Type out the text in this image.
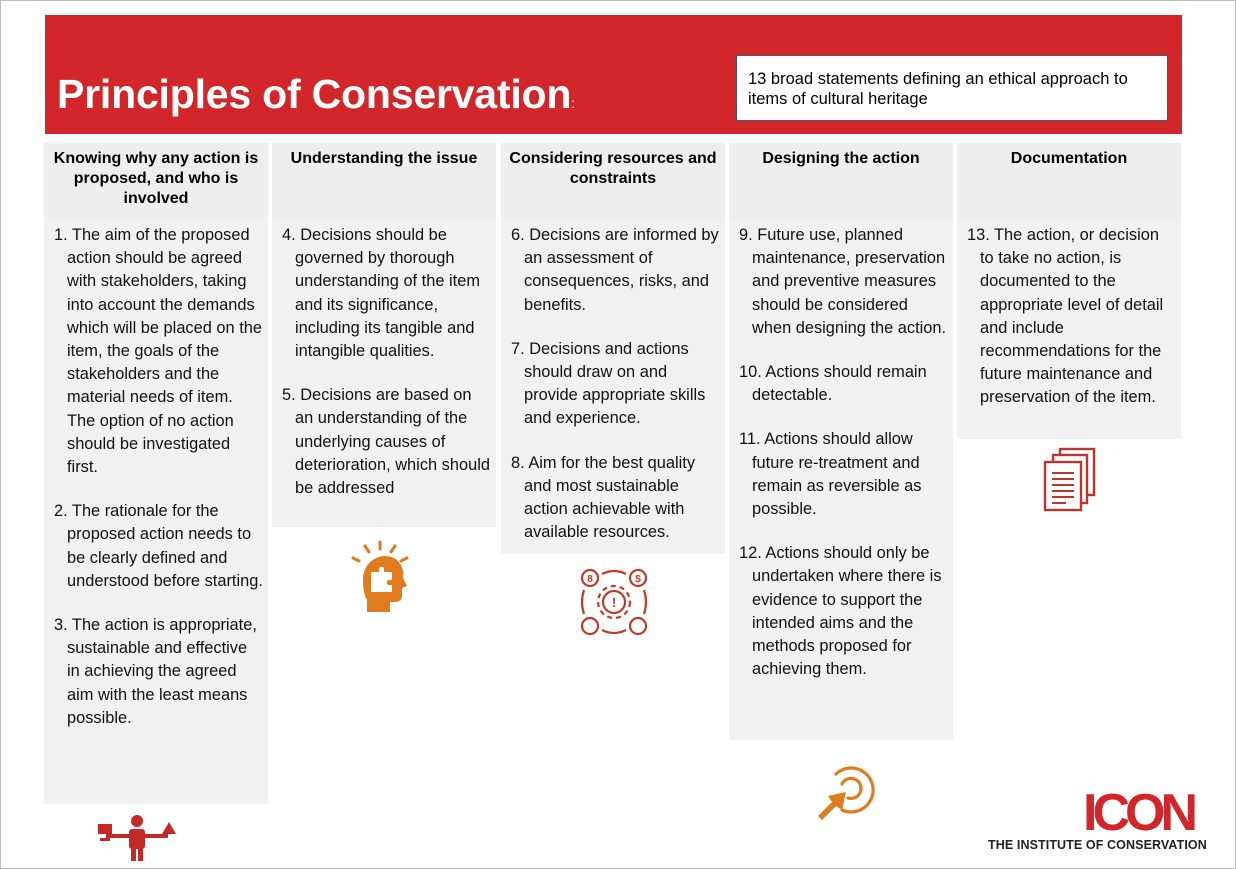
Principles of Conservation:
13 broad statements defining an ethical approach to items of cultural heritage
Knowing why any action is proposed, and who is involved
1. The aim of the proposed action should be agreed with stakeholders, taking into account the demands which will be placed on the item, the goals of the stakeholders and the material needs of item. The option of no action should be investigated first.
2. The rationale for the proposed action needs to be clearly defined and understood before starting.
3. The action is appropriate, sustainable and effective in achieving the agreed aim with the least means possible.
Understanding the issue
4. Decisions should be governed by thorough understanding of the item and its significance, including its tangible and intangible qualities.
5. Decisions are based on an understanding of the underlying causes of deterioration, which should be addressed
Considering resources and constraints
6. Decisions are informed by an assessment of consequences, risks, and benefits.
7. Decisions and actions should draw on and provide appropriate skills and experience.
8. Aim for the best quality and most sustainable action achievable with available resources.
Designing the action
9. Future use, planned maintenance, preservation and preventive measures should be considered when designing the action.
10. Actions should remain detectable.
11. Actions should allow future re-treatment and remain as reversible as possible.
12. Actions should only be undertaken where there is evidence to support the intended aims and the methods proposed for achieving them.
Documentation
13. The action, or decision to take no action, is documented to the appropriate level of detail and include recommendations for the future maintenance and preservation of the item.
!
$
8
ICON
THE INSTITUTE OF CONSERVATION
